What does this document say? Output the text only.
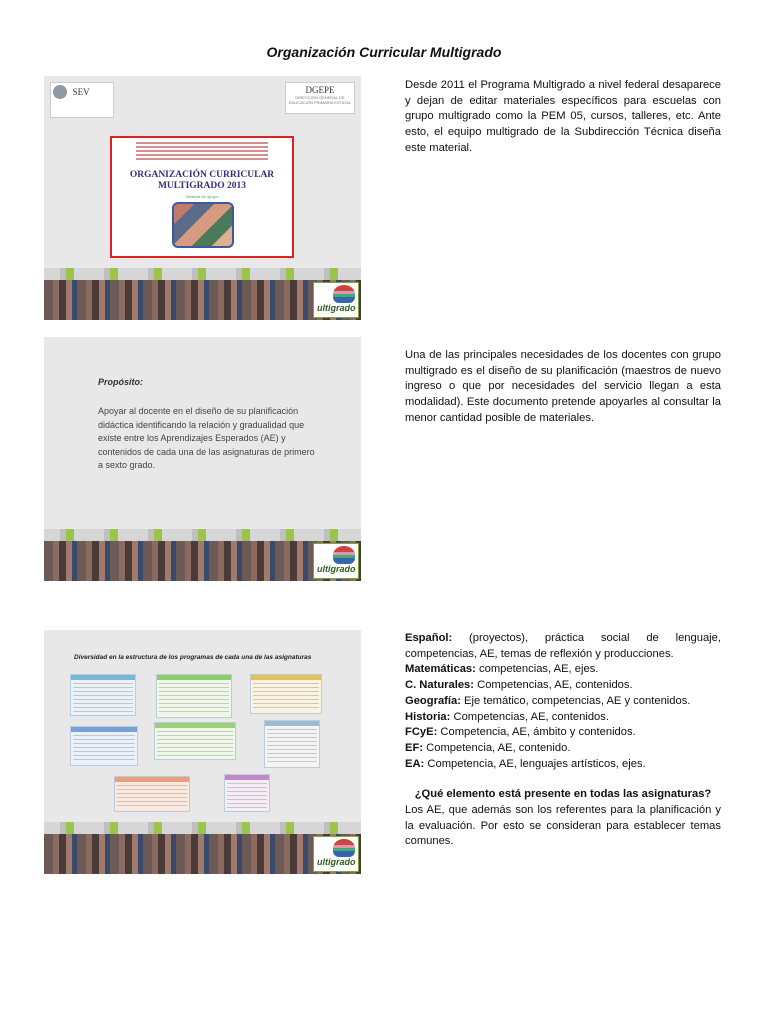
Organización Curricular Multigrado
SEV	DGEPE
DIRECCIÓN GENERAL DE EDUCACIÓN PRIMARIA ESTATAL
ORGANIZACIÓN CURRICULAR MULTIGRADO 2013
Material de apoyo
ultigrado

Desde 2011 el Programa Multigrado a nivel federal desaparece y dejan de editar materiales específicos para escuelas con grupo multigrado como la PEM 05, cursos, talleres, etc. Ante esto, el equipo multigrado de la Subdirección Técnica diseña este material.

Propósito:
Apoyar al docente en el diseño de su planificación didáctica identificando la relación y gradualidad que existe entre los Aprendizajes Esperados (AE) y contenidos de cada una de las asignaturas de primero a sexto grado.
ultigrado

Una de las principales necesidades de los docentes con grupo multigrado es el diseño de su planificación (maestros de nuevo ingreso o que por necesidades del servicio llegan a esta modalidad). Este documento pretende apoyarles al consultar la menor cantidad posible de materiales.

Diversidad en la estructura de los programas de cada una de las asignaturas
ultigrado

Español: (proyectos), práctica social de lenguaje, competencias, AE, temas de reflexión y producciones.

Matemáticas: competencias, AE, ejes.

C. Naturales: Competencias, AE, contenidos.

Geografía: Eje temático, competencias, AE y contenidos.

Historia: Competencias, AE, contenidos.

FCyE: Competencia, AE, ámbito y contenidos.

EF: Competencia, AE, contenido.

EA: Competencia, AE, lenguajes artísticos, ejes.

¿Qué elemento está presente en todas las asignaturas?

Los AE, que además son los referentes para la planificación y la evaluación. Por esto se consideran para establecer temas comunes.
